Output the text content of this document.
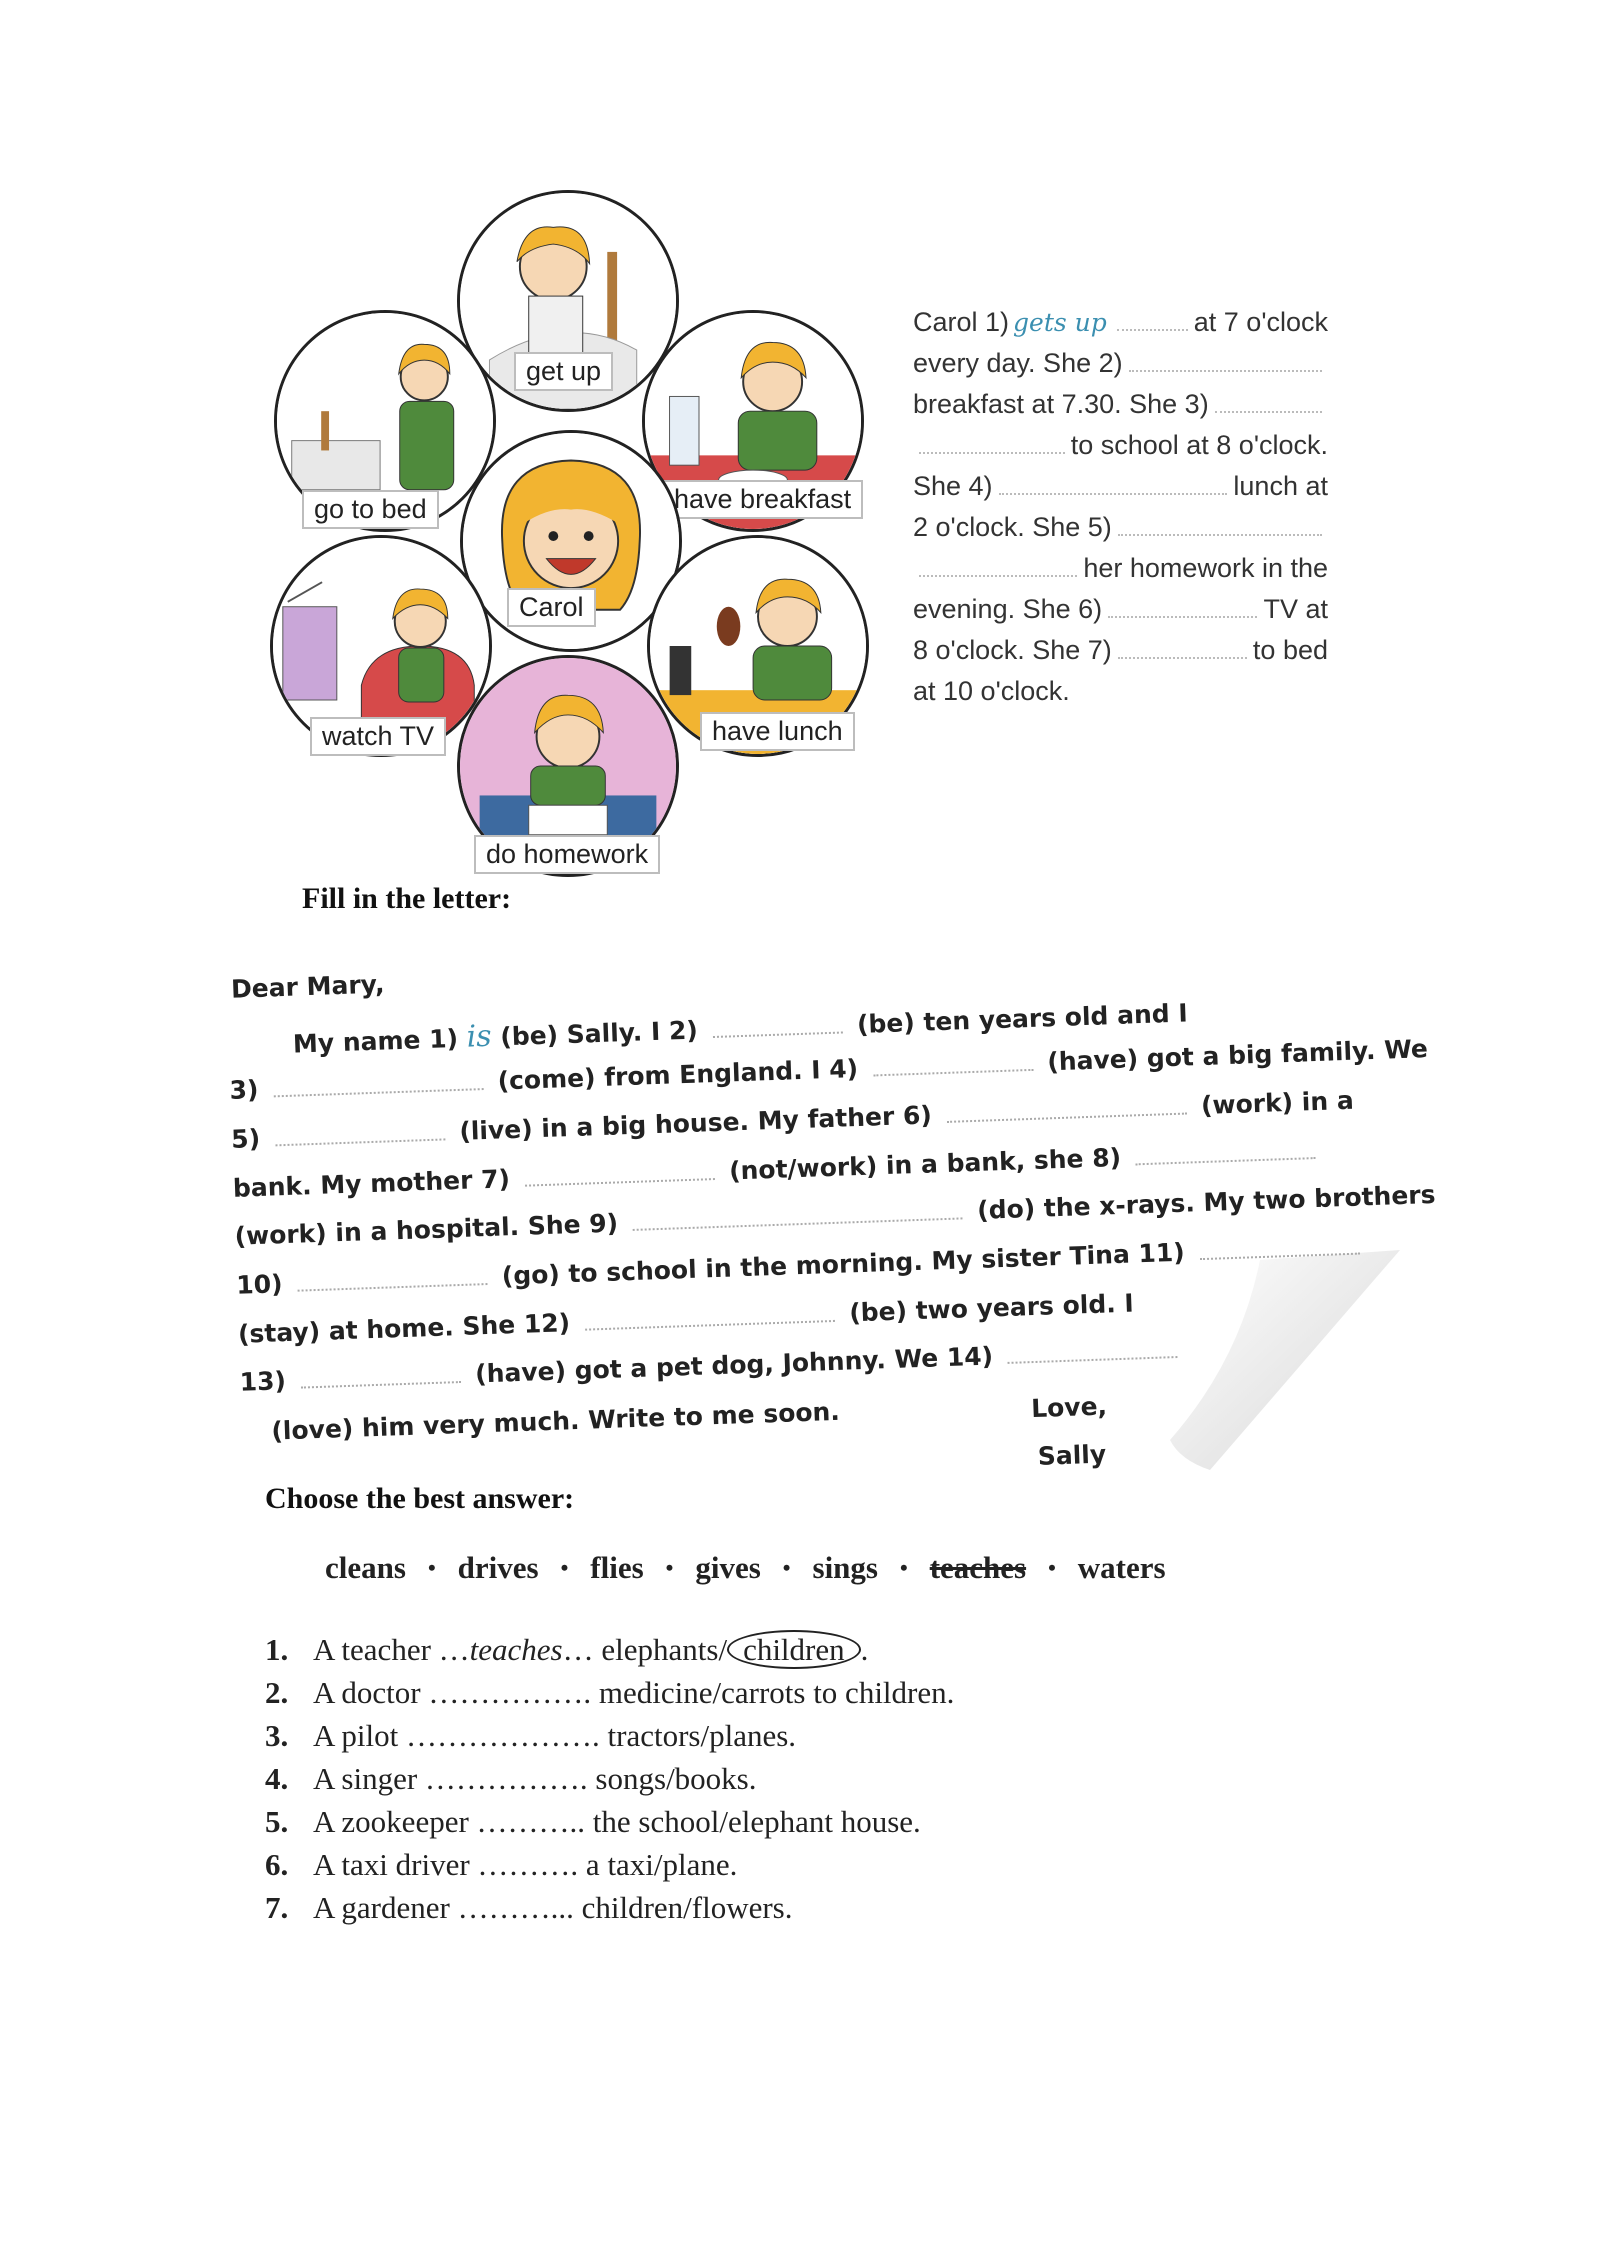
get up
go to bed	have breakfast
Carol
watch TV	have lunch
do homework
Carol 1) gets up	at 7 o'clock
every day. She 2)
breakfast at 7.30. She 3)
to school at 8 o'clock.
She 4)	lunch at
2 o'clock. She 5)
her homework in the
evening. She 6)	TV at
8 o'clock. She 7)	to bed
at 10 o'clock.
Fill in the letter:
Dear Mary,
My name 1) is (be) Sally. I 2)	(be) ten years old and I
3)	(come) from England. I 4)	(have) got a big family. We
5)	(live) in a big house. My father 6)	(work) in a
bank. My mother 7)	(not/work) in a bank, she 8)
(work) in a hospital. She 9)  (do) the x-rays. My two brothers
10)	(go) to school in the morning. My sister Tina 11)
(stay) at home. She 12)  (be) two years old. I
13)	(have) got a pet dog, Johnny. We 14)
(love) him very much. Write to me soon.	Love,
Sally
Choose the best answer:
cleans	• drives	• flies	• gives	• sings	• teaches	• waters
1. A teacher …teaches… elephants/ children .
2. A doctor ……………. medicine/carrots to children.
3. A pilot ………………. tractors/planes.
4. A singer ……………. songs/books.
5. A zookeeper ……….. the school/elephant house.
6. A taxi driver ………. a taxi/plane.
7. A gardener ………... children/flowers.
